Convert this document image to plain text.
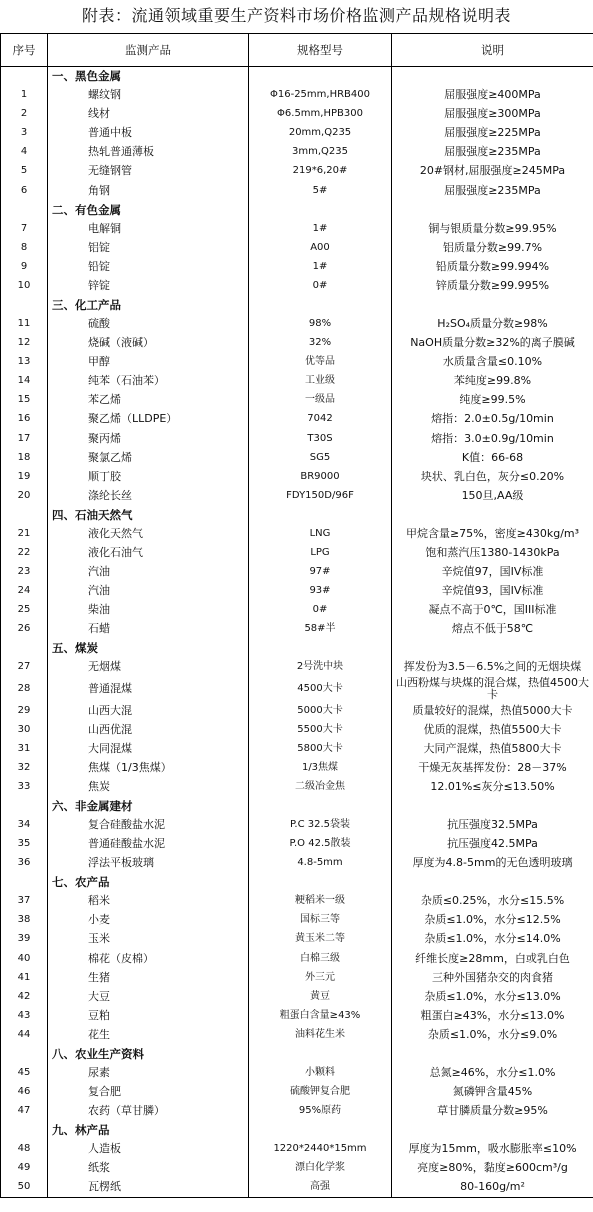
附表：流通领域重要生产资料市场价格监测产品规格说明表
序号	监测产品	规格型号	说明
	一、黑色金属		
1	螺纹钢	Φ16-25mm,HRB400	屈服强度≥400MPa
2	线材	Φ6.5mm,HPB300	屈服强度≥300MPa
3	普通中板	20mm,Q235	屈服强度≥225MPa
4	热轧普通薄板	3mm,Q235	屈服强度≥235MPa
5	无缝钢管	219*6,20#	20#钢材,屈服强度≥245MPa
6	角钢	5#	屈服强度≥235MPa
	二、有色金属		
7	电解铜	1#	铜与银质量分数≥99.95%
8	铝锭	A00	铝质量分数≥99.7%
9	铅锭	1#	铅质量分数≥99.994%
10	锌锭	0#	锌质量分数≥99.995%
	三、化工产品		
11	硫酸	98%	H₂SO₄质量分数≥98%
12	烧碱（液碱）	32%	NaOH质量分数≥32%的离子膜碱
13	甲醇	优等品	水质量含量≤0.10%
14	纯苯（石油苯）	工业级	苯纯度≥99.8%
15	苯乙烯	一级品	纯度≥99.5%
16	聚乙烯（LLDPE）	7042	熔指：2.0±0.5g/10min
17	聚丙烯	T30S	熔指：3.0±0.9g/10min
18	聚氯乙烯	SG5	K值：66-68
19	顺丁胶	BR9000	块状、乳白色，灰分≤0.20%
20	涤纶长丝	FDY150D/96F	150旦,AA级
	四、石油天然气		
21	液化天然气	LNG	甲烷含量≥75%，密度≥430kg/m³
22	液化石油气	LPG	饱和蒸汽压1380-1430kPa
23	汽油	97#	辛烷值97，国IV标准
24	汽油	93#	辛烷值93，国IV标准
25	柴油	0#	凝点不高于0℃，国III标准
26	石蜡	58#半	熔点不低于58℃
	五、煤炭		
27	无烟煤	2号洗中块	挥发份为3.5－6.5%之间的无烟块煤
28	普通混煤	4500大卡	山西粉煤与块煤的混合煤，热值4500大卡
29	山西大混	5000大卡	质量较好的混煤，热值5000大卡
30	山西优混	5500大卡	优质的混煤，热值5500大卡
31	大同混煤	5800大卡	大同产混煤，热值5800大卡
32	焦煤（1/3焦煤）	1/3焦煤	干燥无灰基挥发份：28－37%
33	焦炭	二级冶金焦	12.01%≤灰分≤13.50%
	六、非金属建材		
34	复合硅酸盐水泥	P.C 32.5袋装	抗压强度32.5MPa
35	普通硅酸盐水泥	P.O 42.5散装	抗压强度42.5MPa
36	浮法平板玻璃	4.8-5mm	厚度为4.8-5mm的无色透明玻璃
	七、农产品		
37	稻米	粳稻米一级	杂质≤0.25%，水分≤15.5%
38	小麦	国标三等	杂质≤1.0%，水分≤12.5%
39	玉米	黄玉米二等	杂质≤1.0%，水分≤14.0%
40	棉花（皮棉）	白棉三级	纤维长度≥28mm，白或乳白色
41	生猪	外三元	三种外国猪杂交的肉食猪
42	大豆	黄豆	杂质≤1.0%，水分≤13.0%
43	豆粕	粗蛋白含量≥43%	粗蛋白≥43%，水分≤13.0%
44	花生	油料花生米	杂质≤1.0%，水分≤9.0%
	八、农业生产资料		
45	尿素	小颗料	总氮≥46%，水分≤1.0%
46	复合肥	硫酸钾复合肥	氮磷钾含量45%
47	农药（草甘膦）	95%原药	草甘膦质量分数≥95%
	九、林产品		
48	人造板	1220*2440*15mm	厚度为15mm，吸水膨胀率≤10%
49	纸浆	漂白化学浆	亮度≥80%，黏度≥600cm³/g
50	瓦楞纸	高强	80-160g/m²
